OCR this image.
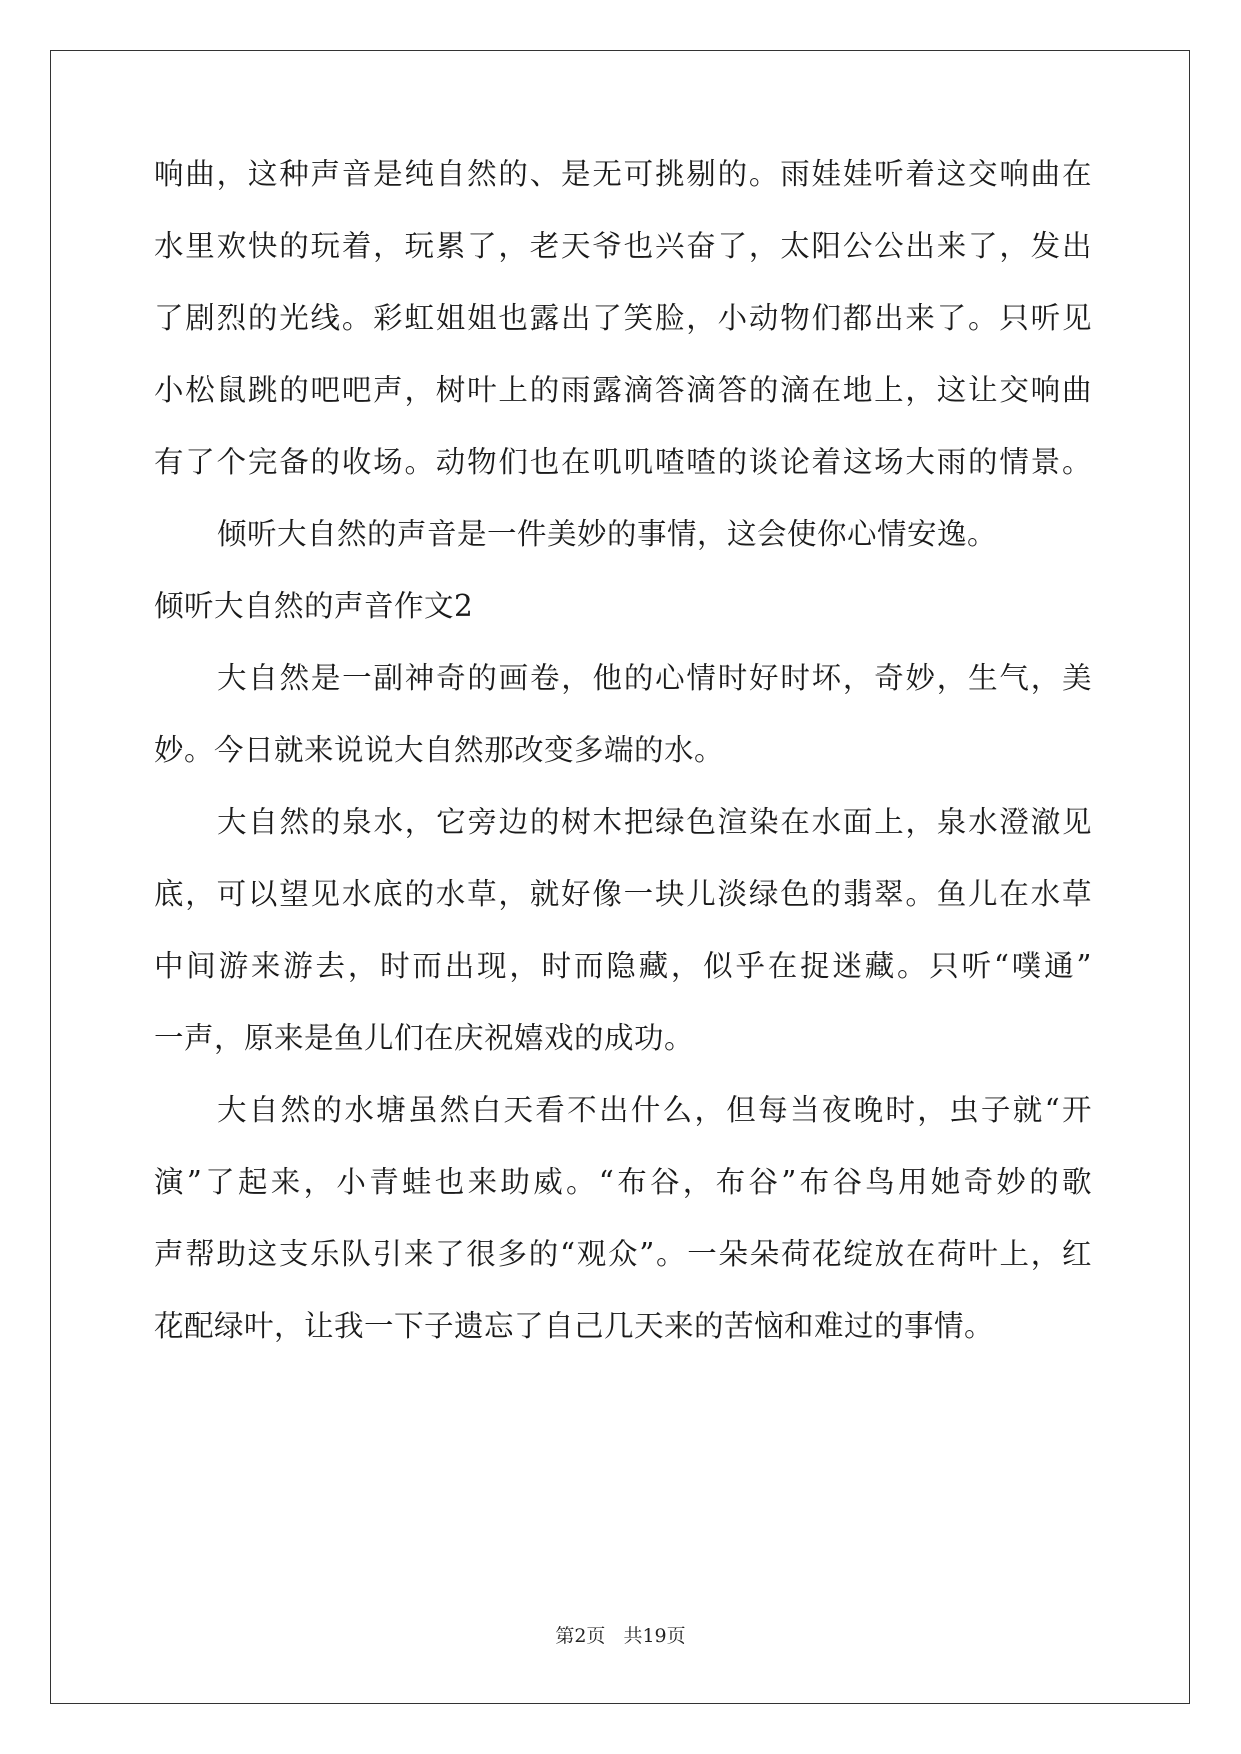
响曲，这种声音是纯自然的、是无可挑剔的。雨娃娃听着这交响曲在
水里欢快的玩着，玩累了，老天爷也兴奋了，太阳公公出来了，发出
了剧烈的光线。彩虹姐姐也露出了笑脸，小动物们都出来了。只听见
小松鼠跳的吧吧声，树叶上的雨露滴答滴答的滴在地上，这让交响曲
有了个完备的收场。动物们也在叽叽喳喳的谈论着这场大雨的情景。
倾听大自然的声音是一件美妙的事情，这会使你心情安逸。
倾听大自然的声音作文2
大自然是一副神奇的画卷，他的心情时好时坏，奇妙，生气，美
妙。今日就来说说大自然那改变多端的水。
大自然的泉水，它旁边的树木把绿色渲染在水面上，泉水澄澈见
底，可以望见水底的水草，就好像一块儿淡绿色的翡翠。鱼儿在水草
中间游来游去，时而出现，时而隐藏，似乎在捉迷藏。只听“噗通”
一声，原来是鱼儿们在庆祝嬉戏的成功。
大自然的水塘虽然白天看不出什么，但每当夜晚时，虫子就“开
演”了起来，小青蛙也来助威。“布谷，布谷”布谷鸟用她奇妙的歌
声帮助这支乐队引来了很多的“观众”。一朵朵荷花绽放在荷叶上，红
花配绿叶，让我一下子遗忘了自己几天来的苦恼和难过的事情。
第2页 共19页
